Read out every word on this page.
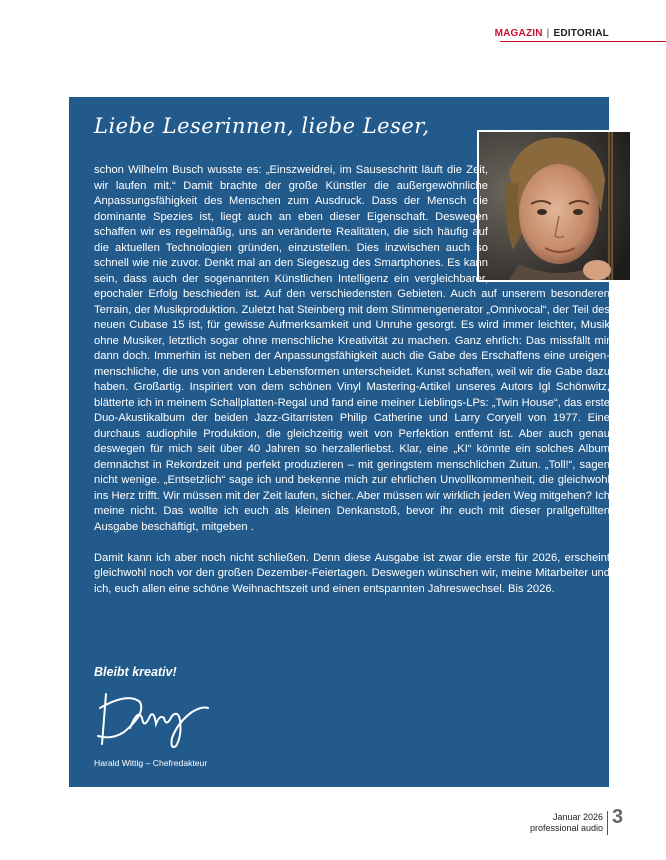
MAGAZIN | EDITORIAL
Liebe Leserinnen, liebe Leser,

schon Wilhelm Busch wusste es: „Einszweidrei, im Sauseschritt läuft die Zeit, wir laufen mit.“ Damit brachte der große Künstler die außergewöhnliche Anpassungsfähigkeit des Menschen zum Ausdruck. Dass der Mensch die dominante Spezies ist, liegt auch an eben dieser Eigenschaft. Deswegen schaffen wir es regelmäßig, uns an veränderte Realitäten, die sich häufig auf die aktuellen Technologien gründen, einzustellen. Dies inzwischen auch so schnell wie nie zuvor. Denkt mal an den Siegeszug des Smartphones. Es kann sein, dass auch der sogenannten Künstlichen Intelligenz ein vergleichbarer, epochaler Erfolg beschieden ist. Auf den verschiedensten Gebieten. Auch auf unserem besonderen Terrain, der Musikproduktion. Zuletzt hat Steinberg mit dem Stimmengenerator „Omnivocal“, der Teil des neuen Cubase 15 ist, für gewisse Aufmerksamkeit und Unruhe gesorgt. Es wird immer leichter, Musik ohne Musiker, letztlich sogar ohne menschliche Kreativität zu machen. Ganz ehrlich: Das missfällt mir dann doch. Immerhin ist neben der Anpassungsfähigkeit auch die Gabe des Erschaffens eine ureigen-menschliche, die uns von anderen Lebensformen unterscheidet. Kunst schaffen, weil wir die Gabe dazu haben. Großartig. Inspiriert von dem schönen Vinyl Mastering-Artikel unseres Autors Igl Schönwitz, blätterte ich in meinem Schallplatten-Regal und fand eine meiner Lieblings-LPs: „Twin House“, das erste Duo-Akustikalbum der beiden Jazz-Gitarristen Philip Catherine und Larry Coryell von 1977. Eine durchaus audiophile Produktion, die gleichzeitig weit von Perfektion entfernt ist. Aber auch genau deswegen für mich seit über 40 Jahren so herzallerliebst. Klar, eine „KI“ könnte ein solches Album demnächst in Rekordzeit und perfekt produzieren – mit geringstem menschlichen Zutun. „Toll!“, sagen nicht wenige. „Entsetzlich“ sage ich und bekenne mich zur ehrlichen Unvollkommenheit, die gleichwohl ins Herz trifft. Wir müssen mit der Zeit laufen, sicher. Aber müssen wir wirklich jeden Weg mitgehen? Ich meine nicht. Das wollte ich euch als kleinen Denkanstoß, bevor ihr euch mit dieser prallgefüllten Ausgabe beschäftigt, mitgeben .

Damit kann ich aber noch nicht schließen. Denn diese Ausgabe ist zwar die erste für 2026, erscheint gleichwohl noch vor den großen Dezember-Feiertagen. Deswegen wünschen wir, meine Mitarbeiter und ich, euch allen eine schöne Weihnachtszeit und einen entspannten Jahreswechsel. Bis 2026.

Bleibt kreativ!
Harald Wittig – Chefredakteur
Januar 2026
professional audio 3
